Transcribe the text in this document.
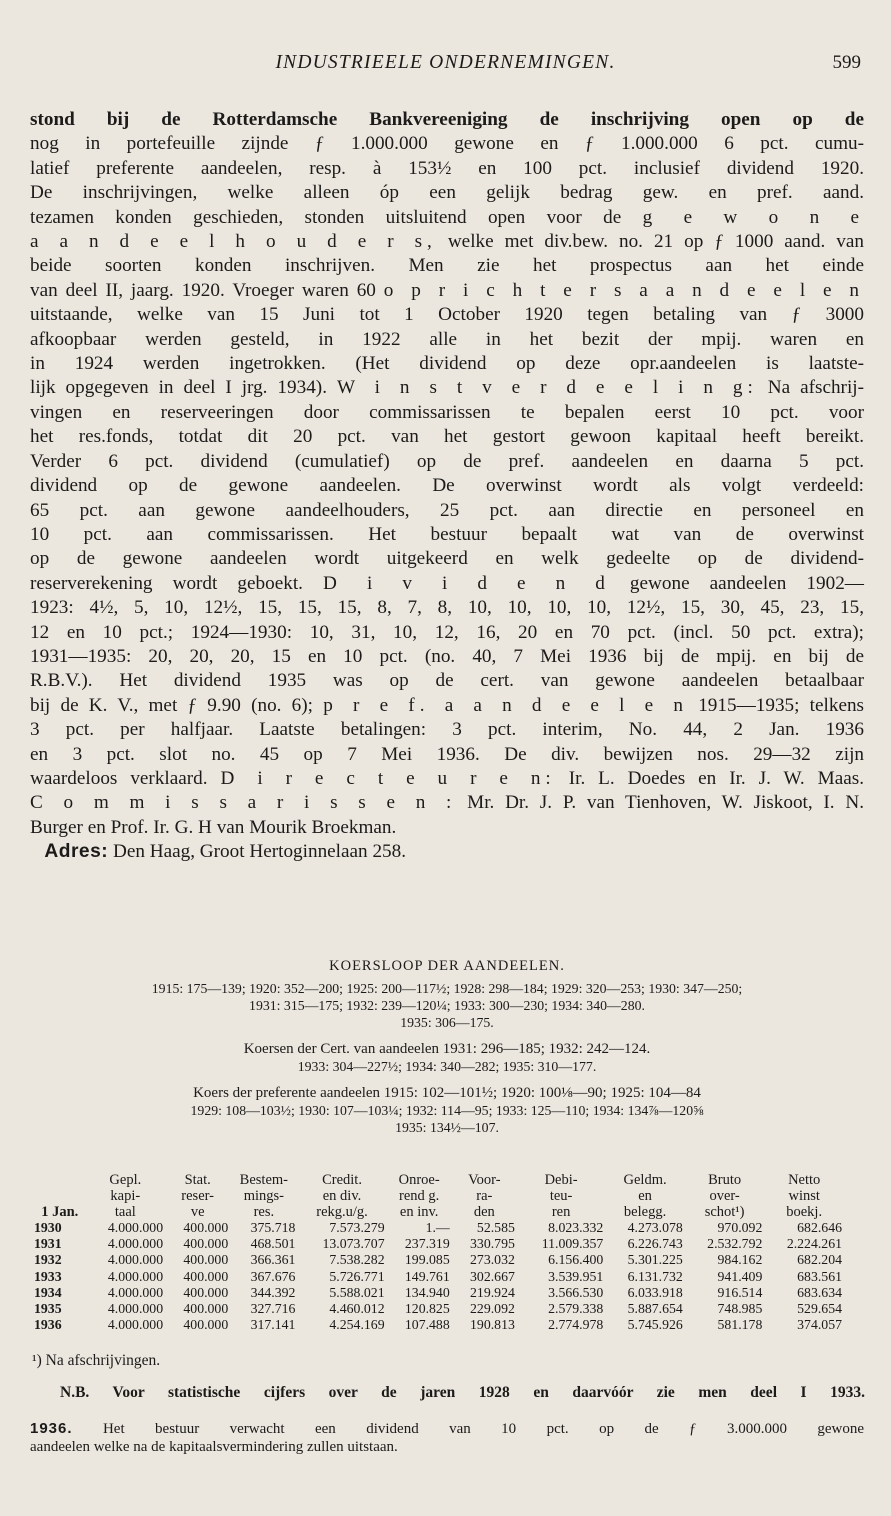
INDUSTRIEELE ONDERNEMINGEN.	599

stond bij de Rotterdamsche Bankvereeniging de inschrijving open op de

nog in portefeuille zijnde ƒ 1.000.000 gewone en ƒ 1.000.000 6 pct. cumu-

latief preferente aandeelen, resp. à 153½ en 100 pct. inclusief dividend 1920.

De inschrijvingen, welke alleen óp een gelijk bedrag gew. en pref. aand.

tezamen konden geschieden, stonden uitsluitend open voor de g e w o n e

a a n d e e l h o u d e r s, welke met div.bew. no. 21 op ƒ 1000 aand. van

beide soorten konden inschrijven. Men zie het prospectus aan het einde

van deel II, jaarg. 1920. Vroeger waren 60 o p r i c h t e r s a a n d e e l e n

uitstaande, welke van 15 Juni tot 1 October 1920 tegen betaling van ƒ 3000

afkoopbaar werden gesteld, in 1922 alle in het bezit der mpij. waren en

in 1924 werden ingetrokken. (Het dividend op deze opr.aandeelen is laatste-

lijk opgegeven in deel I jrg. 1934). W i n s t v e r d e e l i n g: Na afschrij-

vingen en reserveeringen door commissarissen te bepalen eerst 10 pct. voor

het res.fonds, totdat dit 20 pct. van het gestort gewoon kapitaal heeft bereikt.

Verder 6 pct. dividend (cumulatief) op de pref. aandeelen en daarna 5 pct.

dividend op de gewone aandeelen. De overwinst wordt als volgt verdeeld:

65 pct. aan gewone aandeelhouders, 25 pct. aan directie en personeel en

10 pct. aan commissarissen. Het bestuur bepaalt wat van de overwinst

op de gewone aandeelen wordt uitgekeerd en welk gedeelte op de dividend-

reserverekening wordt geboekt. D i v i d e n d gewone aandeelen 1902—

1923: 4½, 5, 10, 12½, 15, 15, 15, 8, 7, 8, 10, 10, 10, 10, 12½, 15, 30, 45, 23, 15,

12 en 10 pct.; 1924—1930: 10, 31, 10, 12, 16, 20 en 70 pct. (incl. 50 pct. extra);

1931—1935: 20, 20, 20, 15 en 10 pct. (no. 40, 7 Mei 1936 bij de mpij. en bij de

R.B.V.). Het dividend 1935 was op de cert. van gewone aandeelen betaalbaar

bij de K. V., met ƒ 9.90 (no. 6); p r e f. a a n d e e l e n 1915—1935; telkens

3 pct. per halfjaar. Laatste betalingen: 3 pct. interim, No. 44, 2 Jan. 1936

en 3 pct. slot no. 45 op 7 Mei 1936. De div. bewijzen nos. 29—32 zijn

waardeloos verklaard. D i r e c t e u r e n: Ir. L. Doedes en Ir. J. W. Maas.

C o m m i s s a r i s s e n : Mr. Dr. J. P. van Tienhoven, W. Jiskoot, I. N.

Burger en Prof. Ir. G. H van Mourik Broekman.

Adres: Den Haag, Groot Hertoginnelaan 258.

KOERSLOOP DER AANDEELEN.
1915: 175—139; 1920: 352—200; 1925: 200—117½; 1928: 298—184; 1929: 320—253; 1930: 347—250;
1931: 315—175; 1932: 239—120¼; 1933: 300—230; 1934: 340—280.
1935: 306—175.
Koersen der Cert. van aandeelen 1931: 296—185; 1932: 242—124.
1933: 304—227½; 1934: 340—282; 1935: 310—177.
Koers der preferente aandeelen 1915: 102—101½; 1920: 100⅛—90; 1925: 104—84
1929: 108—103½; 1930: 107—103¼; 1932: 114—95; 1933: 125—110; 1934: 134⅞—120⅝
1935: 134½—107.

1 Jan.	Gepl.
kapi-
taal	Stat.
reser-
ve	Bestem-
mings-
res.	Credit.
en div.
rekg.u/g.	Onroe-
rend g.
en inv.	Voor-
ra-
den	Debi-
teu-
ren	Geldm.
en
belegg.	Bruto
over-
schot¹)	Netto
winst
boekj.
1930	4.000.000	400.000	375.718	7.573.279	1.—	52.585	8.023.332	4.273.078	970.092	682.646
1931	4.000.000	400.000	468.501	13.073.707	237.319	330.795	11.009.357	6.226.743	2.532.792	2.224.261
1932	4.000.000	400.000	366.361	7.538.282	199.085	273.032	6.156.400	5.301.225	984.162	682.204
1933	4.000.000	400.000	367.676	5.726.771	149.761	302.667	3.539.951	6.131.732	941.409	683.561
1934	4.000.000	400.000	344.392	5.588.021	134.940	219.924	3.566.530	6.033.918	916.514	683.634
1935	4.000.000	400.000	327.716	4.460.012	120.825	229.092	2.579.338	5.887.654	748.985	529.654
1936	4.000.000	400.000	317.141	4.254.169	107.488	190.813	2.774.978	5.745.926	581.178	374.057
¹) Na afschrijvingen.
N.B. Voor statistische cijfers over de jaren 1928 en daarvóór zie men deel I 1933.

1936. Het bestuur verwacht een dividend van 10 pct. op de ƒ 3.000.000 gewone

aandeelen welke na de kapitaalsvermindering zullen uitstaan.
